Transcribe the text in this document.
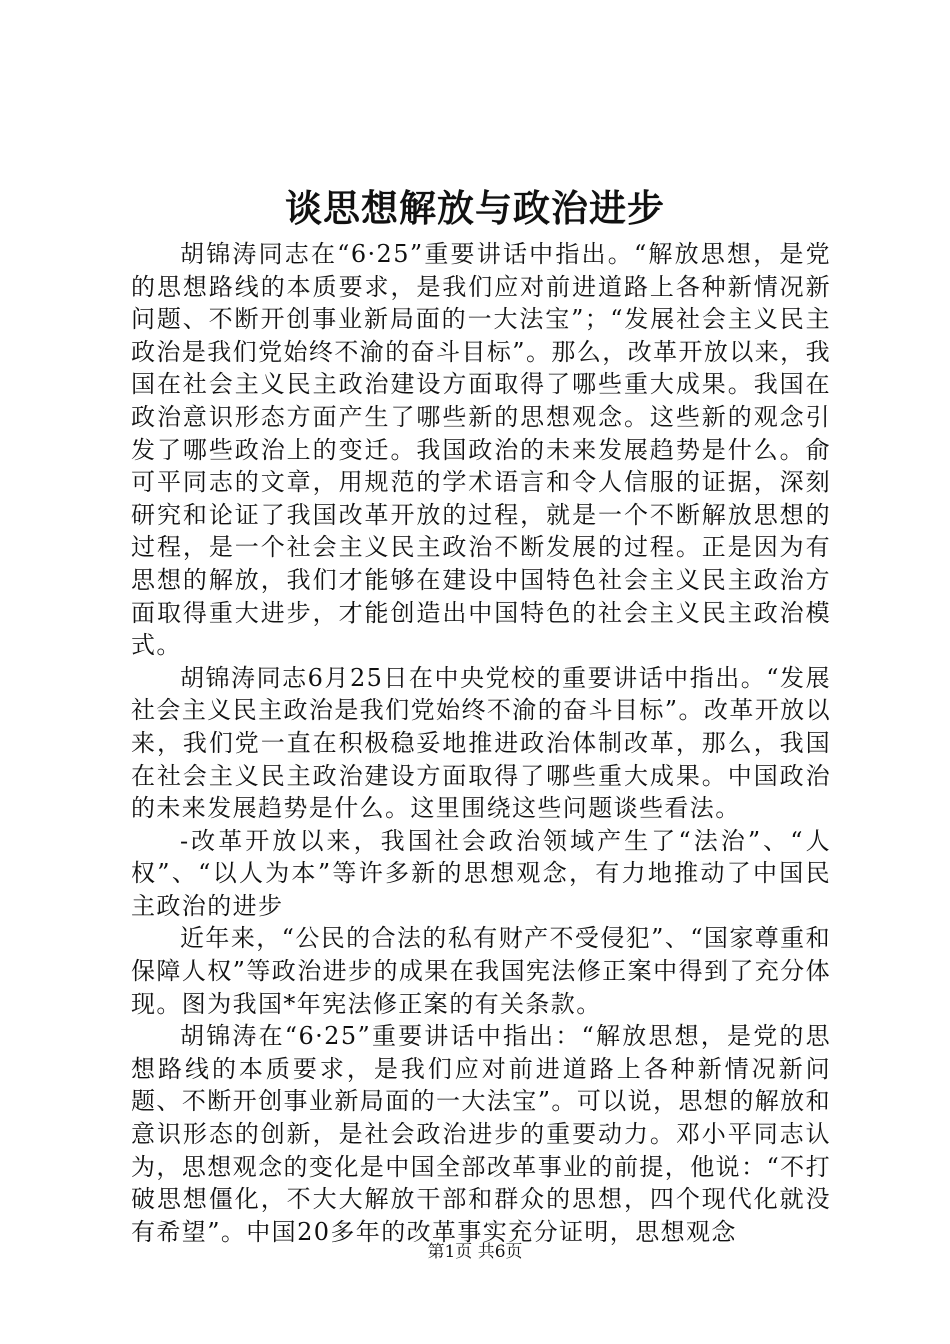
谈思想解放与政治进步

胡锦涛同志在“6·25”重要讲话中指出。“解放思想，是党的思想路线的本质要求，是我们应对前进道路上各种新情况新问题、不断开创事业新局面的一大法宝”；“发展社会主义民主政治是我们党始终不渝的奋斗目标”。那么，改革开放以来，我国在社会主义民主政治建设方面取得了哪些重大成果。我国在政治意识形态方面产生了哪些新的思想观念。这些新的观念引发了哪些政治上的变迁。我国政治的未来发展趋势是什么。俞可平同志的文章，用规范的学术语言和令人信服的证据，深刻研究和论证了我国改革开放的过程，就是一个不断解放思想的过程，是一个社会主义民主政治不断发展的过程。正是因为有思想的解放，我们才能够在建设中国特色社会主义民主政治方面取得重大进步，才能创造出中国特色的社会主义民主政治模式。

胡锦涛同志6月25日在中央党校的重要讲话中指出。“发展社会主义民主政治是我们党始终不渝的奋斗目标”。改革开放以来，我们党一直在积极稳妥地推进政治体制改革，那么，我国在社会主义民主政治建设方面取得了哪些重大成果。中国政治的未来发展趋势是什么。这里围绕这些问题谈些看法。

-改革开放以来，我国社会政治领域产生了“法治”、“人权”、“以人为本”等许多新的思想观念，有力地推动了中国民主政治的进步

近年来，“公民的合法的私有财产不受侵犯”、“国家尊重和保障人权”等政治进步的成果在我国宪法修正案中得到了充分体现。图为我国*年宪法修正案的有关条款。

胡锦涛在“6·25”重要讲话中指出：“解放思想，是党的思想路线的本质要求，是我们应对前进道路上各种新情况新问题、不断开创事业新局面的一大法宝”。可以说，思想的解放和意识形态的创新，是社会政治进步的重要动力。邓小平同志认为，思想观念的变化是中国全部改革事业的前提，他说：“不打破思想僵化，不大大解放干部和群众的思想，四个现代化就没有希望”。中国20多年的改革事实充分证明，思想观念

第1页 共6页
